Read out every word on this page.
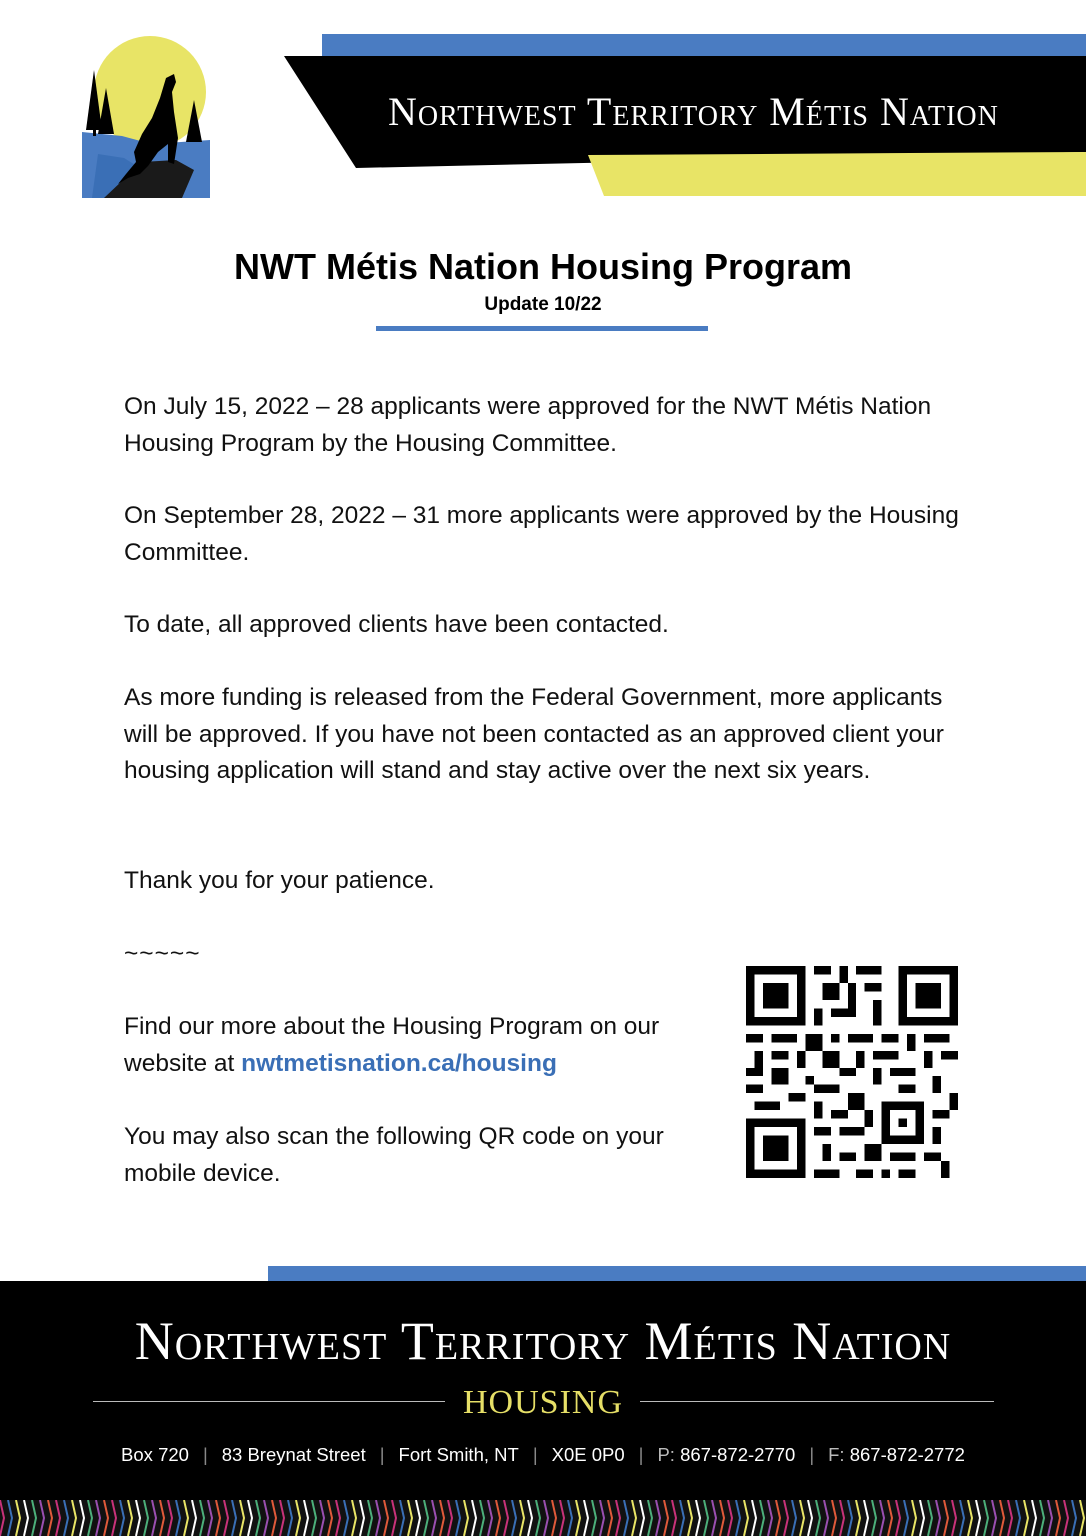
Northwest Territory Métis Nation
NWT Métis Nation Housing Program
Update 10/22
On July 15, 2022 – 28 applicants were approved for the NWT Métis Nation Housing Program by the Housing Committee.
On September 28, 2022 – 31 more applicants were approved by the Housing Committee.
To date, all approved clients have been contacted.
As more funding is released from the Federal Government, more applicants will be approved. If you have not been contacted as an approved client your housing application will stand and stay active over the next six years.
Thank you for your patience.
~~~~~
Find our more about the Housing Program on our website at nwtmetisnation.ca/housing
You may also scan the following QR code on your mobile device.
Northwest Territory Métis Nation
HOUSING
Box 720 | 83 Breynat Street | Fort Smith, NT | X0E 0P0 | P: 867-872-2770 | F: 867-872-2772
